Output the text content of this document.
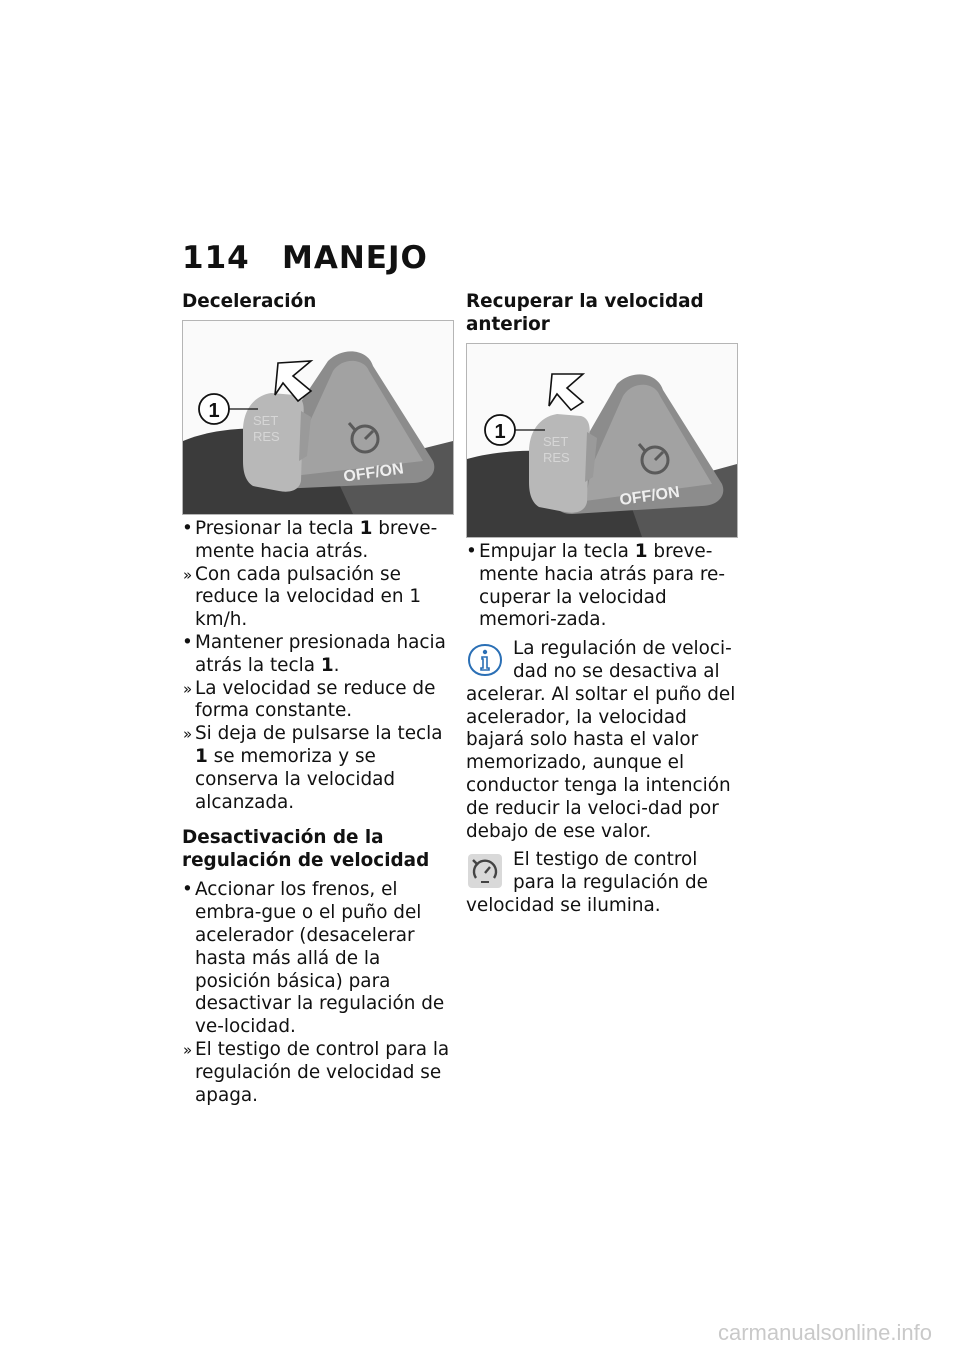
114 MANEJO
Deceleración
1	SET
RES
OFF/ON
• Presionar la tecla 1 breve-mente hacia atrás.
» Con cada pulsación se reduce la velocidad en 1 km/h.
• Mantener presionada hacia atrás la tecla 1.
» La velocidad se reduce de forma constante.
» Si deja de pulsarse la tecla 1 se memoriza y se conserva la velocidad alcanzada.
Desactivación de la regulación de velocidad
• Accionar los frenos, el embra-gue o el puño del acelerador (desacelerar hasta más allá de la posición básica) para desactivar la regulación de ve-locidad.
» El testigo de control para la regulación de velocidad se apaga.
Recuperar la velocidad anterior
1	SET
RES
OFF/ON
• Empujar la tecla 1 breve-mente hacia atrás para re-cuperar la velocidad memori-zada.

La regulación de veloci-dad no se desactiva al acelerar. Al soltar el puño del acelerador, la velocidad bajará solo hasta el valor memorizado, aunque el conductor tenga la intención de reducir la veloci-dad por debajo de ese valor.

El testigo de control para la regulación de velocidad se ilumina.

carmanualsonline.info
